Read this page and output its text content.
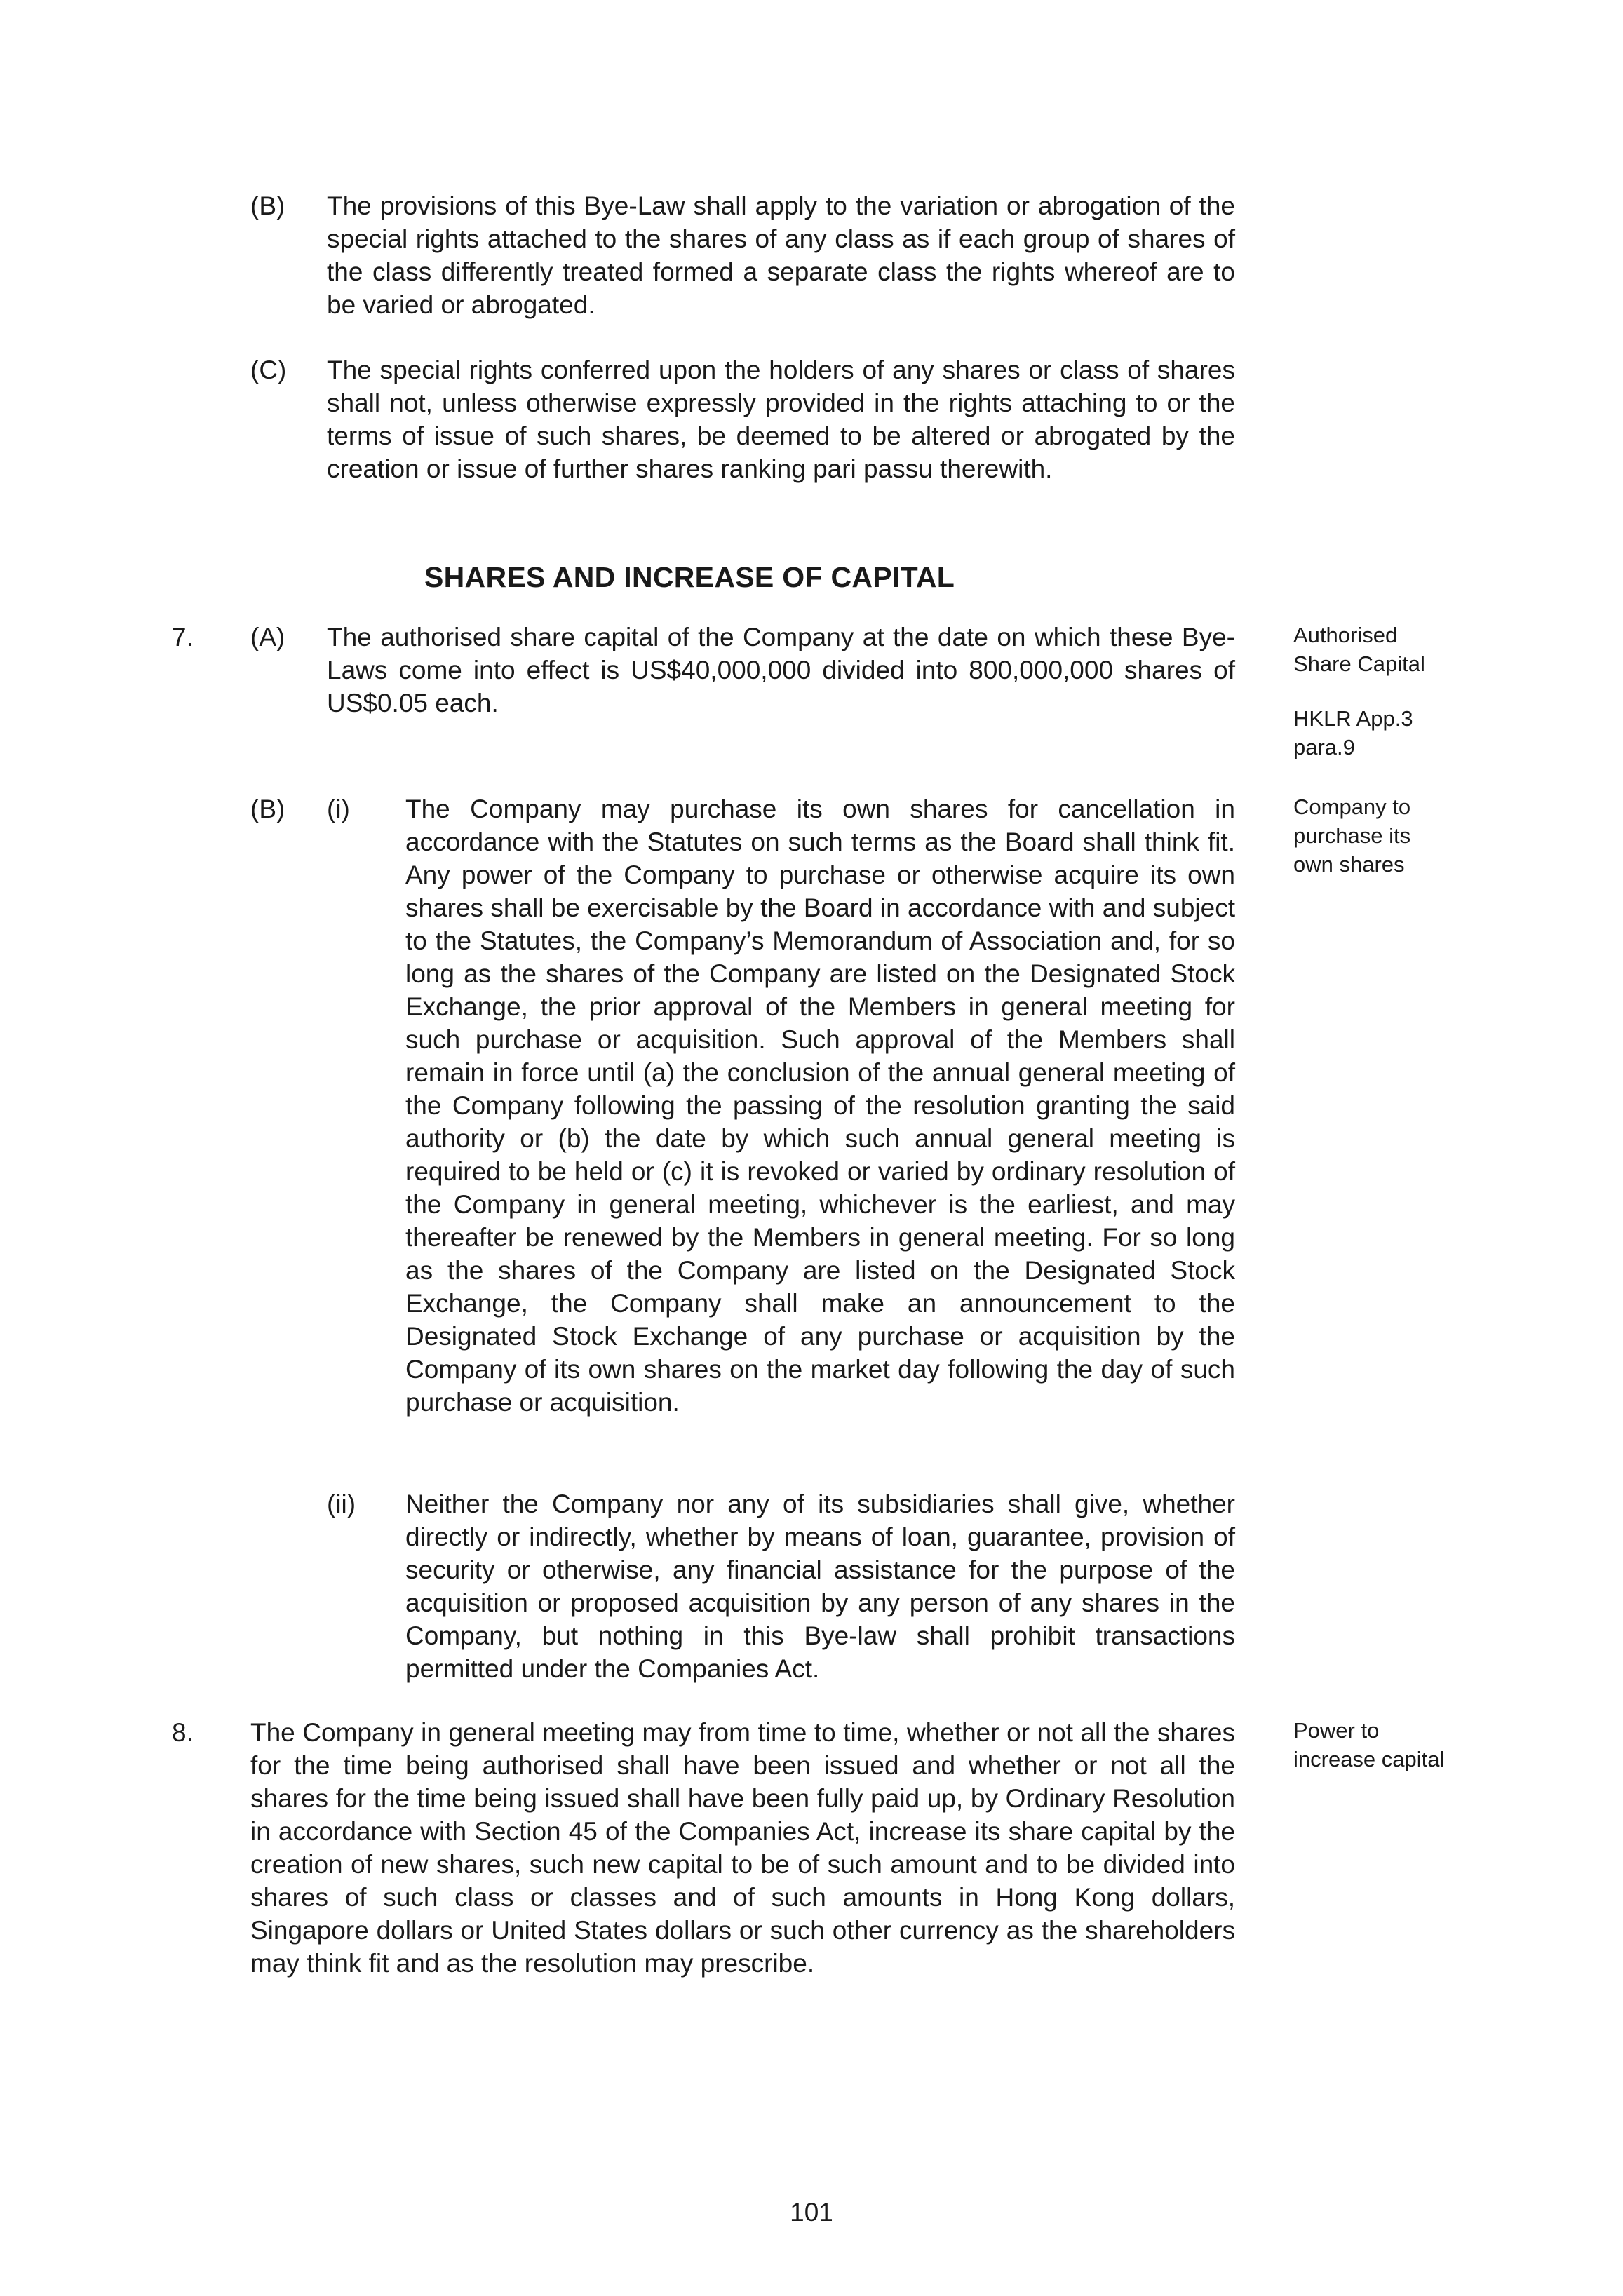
(B) The provisions of this Bye-Law shall apply to the variation or abrogation of the special rights attached to the shares of any class as if each group of shares of the class differently treated formed a separate class the rights whereof are to be varied or abrogated.

(C) The special rights conferred upon the holders of any shares or class of shares shall not, unless otherwise expressly provided in the rights attaching to or the terms of issue of such shares, be deemed to be altered or abrogated by the creation or issue of further shares ranking pari passu therewith.

SHARES AND INCREASE OF CAPITAL

7. (A) The authorised share capital of the Company at the date on which these Bye-Laws come into effect is US$40,000,000 divided into 800,000,000 shares of US$0.05 each.

(B) (i) The Company may purchase its own shares for cancellation in accordance with the Statutes on such terms as the Board shall think fit. Any power of the Company to purchase or otherwise acquire its own shares shall be exercisable by the Board in accordance with and subject to the Statutes, the Company’s Memorandum of Association and, for so long as the shares of the Company are listed on the Designated Stock Exchange, the prior approval of the Members in general meeting for such purchase or acquisition. Such approval of the Members shall remain in force until (a) the conclusion of the annual general meeting of the Company following the passing of the resolution granting the said authority or (b) the date by which such annual general meeting is required to be held or (c) it is revoked or varied by ordinary resolution of the Company in general meeting, whichever is the earliest, and may thereafter be renewed by the Members in general meeting. For so long as the shares of the Company are listed on the Designated Stock Exchange, the Company shall make an announcement to the Designated Stock Exchange of any purchase or acquisition by the Company of its own shares on the market day following the day of such purchase or acquisition.

(ii) Neither the Company nor any of its subsidiaries shall give, whether directly or indirectly, whether by means of loan, guarantee, provision of security or otherwise, any financial assistance for the purpose of the acquisition or proposed acquisition by any person of any shares in the Company, but nothing in this Bye-law shall prohibit transactions permitted under the Companies Act.

8. The Company in general meeting may from time to time, whether or not all the shares for the time being authorised shall have been issued and whether or not all the shares for the time being issued shall have been fully paid up, by Ordinary Resolution in accordance with Section 45 of the Companies Act, increase its share capital by the creation of new shares, such new capital to be of such amount and to be divided into shares of such class or classes and of such amounts in Hong Kong dollars, Singapore dollars or United States dollars or such other currency as the shareholders may think fit and as the resolution may prescribe.

Authorised
Share Capital
HKLR App.3
para.9
Company to
purchase its
own shares
Power to
increase capital

101
